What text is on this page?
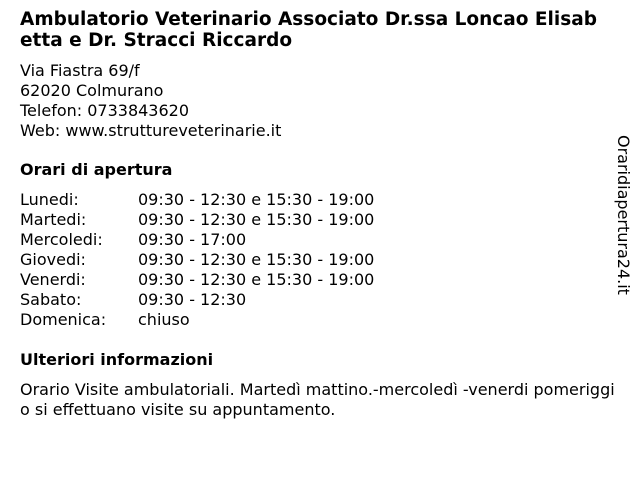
Ambulatorio Veterinario Associato Dr.ssa Loncao Elisabetta e Dr. Stracci Riccardo
Via Fiastra 69/f
62020 Colmurano
Telefon: 0733843620
Web: www.struttureveterinarie.it
Orari di apertura
Lunedi:	09:30 - 12:30 e 15:30 - 19:00
Martedi:	09:30 - 12:30 e 15:30 - 19:00
Mercoledi:	09:30 - 17:00
Giovedi:	09:30 - 12:30 e 15:30 - 19:00
Venerdi:	09:30 - 12:30 e 15:30 - 19:00
Sabato:	09:30 - 12:30
Domenica:	chiuso
Ulteriori informazioni
Orario Visite ambulatoriali. Martedì mattino.-mercoledì -venerdi pomeriggio si effettuano visite su appuntamento.
Oraridiapertura24.it
